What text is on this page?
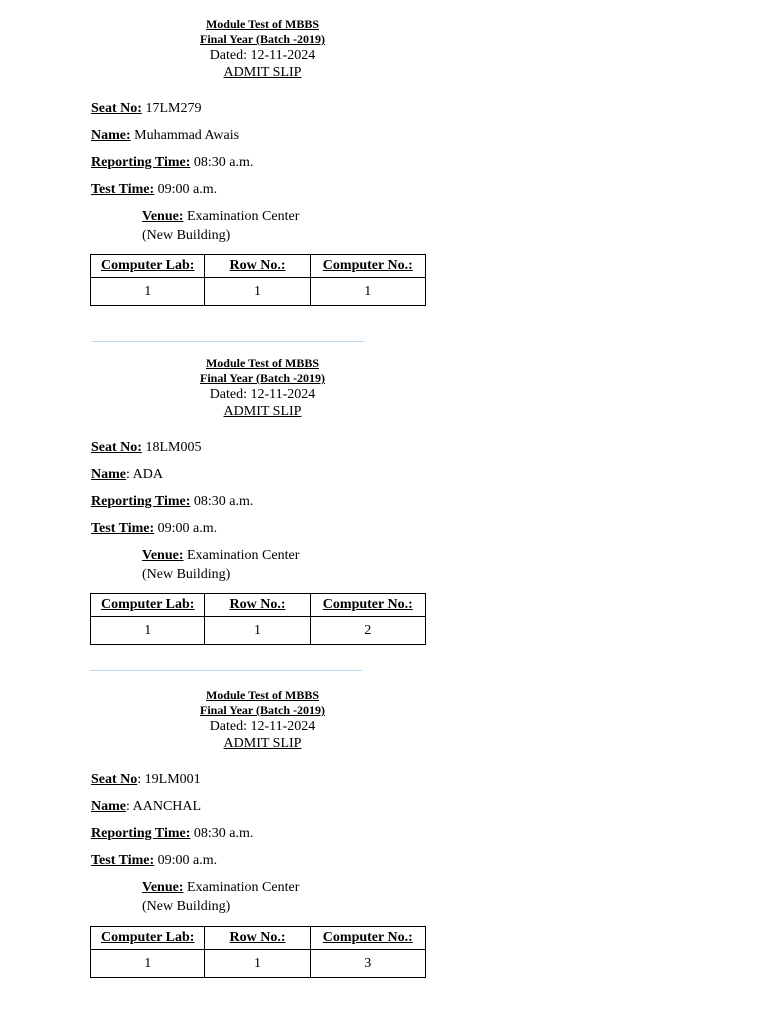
Module Test of MBBS
Final Year (Batch -2019)
Dated: 12-11-2024
ADMIT SLIP
Seat No: 17LM279
Name: Muhammad Awais
Reporting Time: 08:30 a.m.
Test Time: 09:00 a.m.
Venue: Examination Center
(New Building)
Computer Lab:	Row No.:	Computer No.:
1	1	1
Module Test of MBBS
Final Year (Batch -2019)
Dated: 12-11-2024
ADMIT SLIP
Seat No: 18LM005
Name: ADA
Reporting Time: 08:30 a.m.
Test Time: 09:00 a.m.
Venue: Examination Center
(New Building)
Computer Lab:	Row No.:	Computer No.:
1	1	2
Module Test of MBBS
Final Year (Batch -2019)
Dated: 12-11-2024
ADMIT SLIP
Seat No: 19LM001
Name: AANCHAL
Reporting Time: 08:30 a.m.
Test Time: 09:00 a.m.
Venue: Examination Center
(New Building)
Computer Lab:	Row No.:	Computer No.:
1	1	3
